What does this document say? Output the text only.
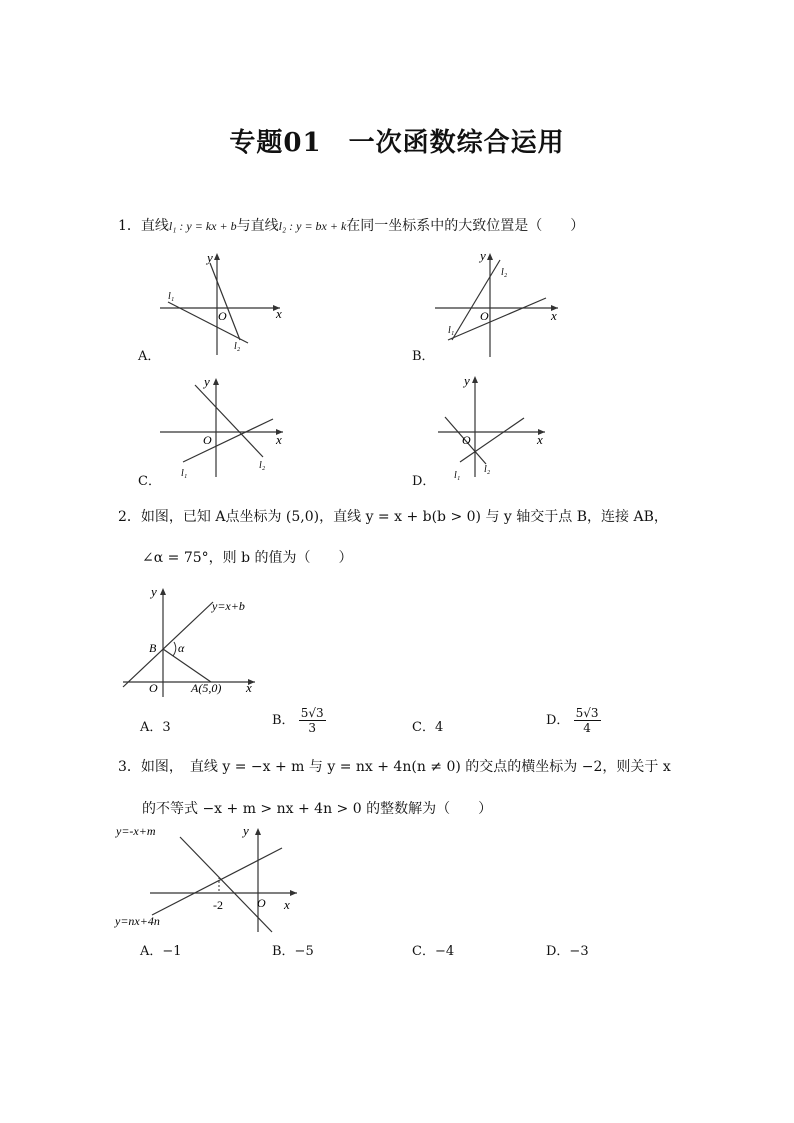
专题01　一次函数综合运用
1．直线l₁ : y = kx + b与直线l₂ : y = bx + k在同一坐标系中的大致位置是（　　）
y
x
O
l₁
l₂
A．
y
x
O
l₂
l₁
B．
y
x
O
l₁
l₂
C．
y
x
O
l₁
l₂
D．
2．如图，已知 A点坐标为 (5,0)，直线 y = x + b(b > 0) 与 y 轴交于点 B，连接 AB，
∠α = 75°，则 b 的值为（　　）
y
y=x+b
B α
O	A(5,0) x
A．3	B． $\frac{5√3}{3}$	C．4	D． $\frac{5√3}{4}$
3．如图，　直线 y = −x + m 与 y = nx + 4n(n ≠ 0) 的交点的横坐标为 −2，则关于 x
的不等式 −x + m > nx + 4n > 0 的整数解为（　　）
y=-x+m	y
-2	O x
y=nx+4n
A．−1	B．−5	C．−4	D．−3
